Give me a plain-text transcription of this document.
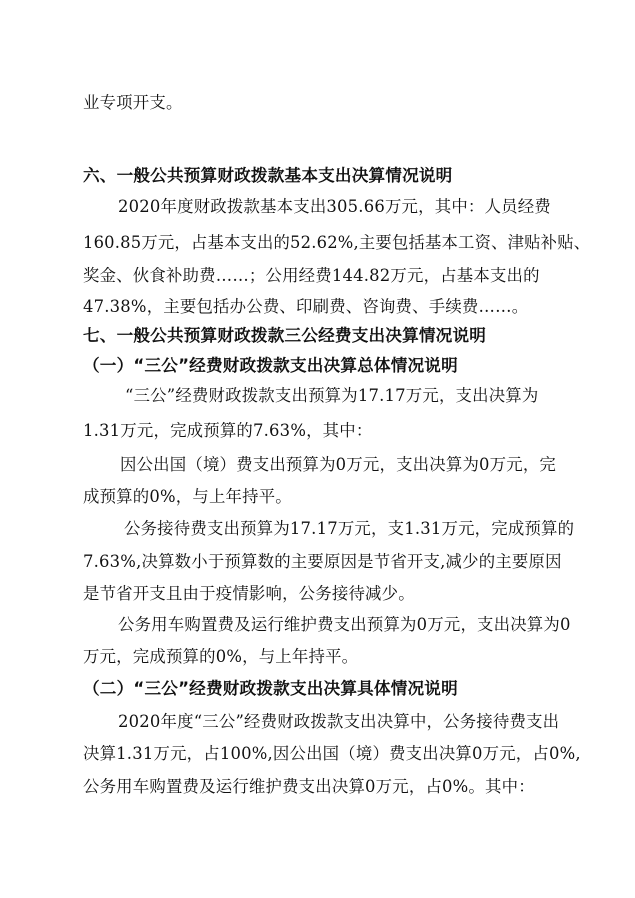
业专项开支。
六、一般公共预算财政拨款基本支出决算情况说明
2020年度财政拨款基本支出305.66万元，其中：人员经费
160.85万元，占基本支出的52.62%,主要包括基本工资、津贴补贴、
奖金、伙食补助费……；公用经费144.82万元，占基本支出的
47.38%，主要包括办公费、印刷费、咨询费、手续费……。
七、一般公共预算财政拨款三公经费支出决算情况说明
（一）“三公”经费财政拨款支出决算总体情况说明
“三公”经费财政拨款支出预算为17.17万元，支出决算为
1.31万元，完成预算的7.63%，其中：
因公出国（境）费支出预算为0万元，支出决算为0万元，完
成预算的0%，与上年持平。
公务接待费支出预算为17.17万元，支1.31万元，完成预算的
7.63%,决算数小于预算数的主要原因是节省开支,减少的主要原因
是节省开支且由于疫情影响，公务接待减少。
公务用车购置费及运行维护费支出预算为0万元，支出决算为0
万元，完成预算的0%，与上年持平。
（二）“三公”经费财政拨款支出决算具体情况说明
2020年度“三公”经费财政拨款支出决算中，公务接待费支出
决算1.31万元，占100%,因公出国（境）费支出决算0万元，占0%,
公务用车购置费及运行维护费支出决算0万元，占0%。其中：
